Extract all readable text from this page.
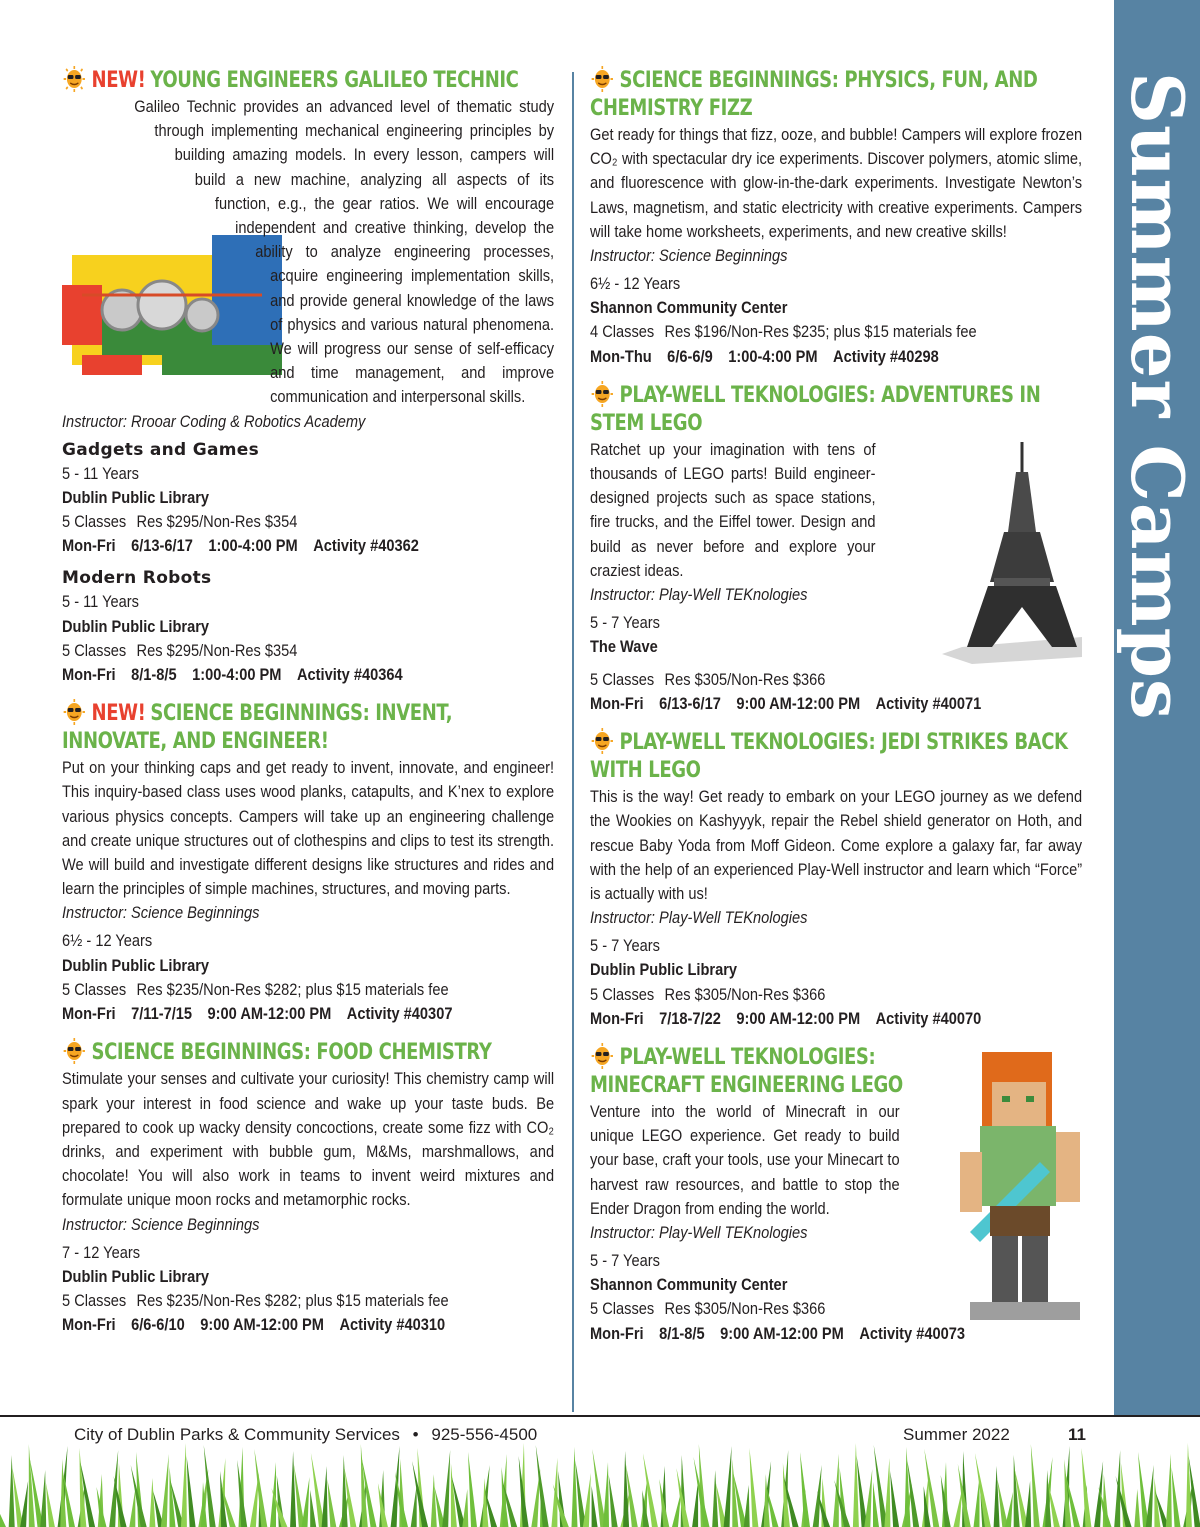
Summer Camps
NEW! YOUNG ENGINEERS GALILEO TECHNIC

Galileo Technic provides an advanced level of thematic study through implementing mechanical engineering principles by building amazing models. In every lesson, campers will build a new machine, analyzing all aspects of its function, e.g., the gear ratios. We will encourage independent and creative thinking, develop the ability to analyze engineering processes, acquire engineering implementation skills, and provide general knowledge of the laws of physics and various natural phenomena. We will progress our sense of self-efficacy and time management, and improve communication and interpersonal skills.

Instructor: Rrooar Coding & Robotics Academy
Gadgets and Games
5 - 11 Years
Dublin Public Library
5 Classes Res $295/Non-Res $354
Mon-Fri 6/13-6/17 1:00-4:00 PM Activity #40362
Modern Robots
5 - 11 Years
Dublin Public Library
5 Classes Res $295/Non-Res $354
Mon-Fri 8/1-8/5 1:00-4:00 PM Activity #40364
NEW! SCIENCE BEGINNINGS: INVENT, INNOVATE, AND ENGINEER!

Put on your thinking caps and get ready to invent, innovate, and engineer! This inquiry-based class uses wood planks, catapults, and K’nex to explore various physics concepts. Campers will take up an engineering challenge and create unique structures out of clothespins and clips to test its strength. We will build and investigate different designs like structures and rides and learn the principles of simple machines, structures, and moving parts.

Instructor: Science Beginnings
6½ - 12 Years
Dublin Public Library
5 Classes Res $235/Non-Res $282; plus $15 materials fee
Mon-Fri 7/11-7/15 9:00 AM-12:00 PM Activity #40307
SCIENCE BEGINNINGS: FOOD CHEMISTRY

Stimulate your senses and cultivate your curiosity! This chemistry camp will spark your interest in food science and wake up your taste buds. Be prepared to cook up wacky density concoctions, create some fizz with CO₂ drinks, and experiment with bubble gum, M&Ms, marshmallows, and chocolate! You will also work in teams to invent weird mixtures and formulate unique moon rocks and metamorphic rocks.

Instructor: Science Beginnings
7 - 12 Years
Dublin Public Library
5 Classes Res $235/Non-Res $282; plus $15 materials fee
Mon-Fri 6/6-6/10 9:00 AM-12:00 PM Activity #40310
SCIENCE BEGINNINGS: PHYSICS, FUN, AND CHEMISTRY FIZZ

Get ready for things that fizz, ooze, and bubble! Campers will explore frozen CO₂ with spectacular dry ice experiments. Discover polymers, atomic slime, and fluorescence with glow-in-the-dark experiments. Investigate Newton’s Laws, magnetism, and static electricity with creative experiments. Campers will take home worksheets, experiments, and new creative skills!

Instructor: Science Beginnings
6½ - 12 Years
Shannon Community Center
4 Classes Res $196/Non-Res $235; plus $15 materials fee
Mon-Thu 6/6-6/9 1:00-4:00 PM Activity #40298
PLAY-WELL TEKNOLOGIES: ADVENTURES IN STEM LEGO

Ratchet up your imagination with tens of thousands of LEGO parts! Build engineer-designed projects such as space stations, fire trucks, and the Eiffel tower. Design and build as never before and explore your craziest ideas.

Instructor: Play-Well TEKnologies
5 - 7 Years
The Wave
5 Classes Res $305/Non-Res $366
Mon-Fri 6/13-6/17 9:00 AM-12:00 PM Activity #40071
PLAY-WELL TEKNOLOGIES: JEDI STRIKES BACK WITH LEGO

This is the way! Get ready to embark on your LEGO journey as we defend the Wookies on Kashyyyk, repair the Rebel shield generator on Hoth, and rescue Baby Yoda from Moff Gideon. Come explore a galaxy far, far away with the help of an experienced Play-Well instructor and learn which “Force” is actually with us!

Instructor: Play-Well TEKnologies
5 - 7 Years
Dublin Public Library
5 Classes Res $305/Non-Res $366
Mon-Fri 7/18-7/22 9:00 AM-12:00 PM Activity #40070
PLAY-WELL TEKNOLOGIES: MINECRAFT ENGINEERING LEGO

Venture into the world of Minecraft in our unique LEGO experience. Get ready to build your base, craft your tools, use your Minecart to harvest raw resources, and battle to stop the Ender Dragon from ending the world.

Instructor: Play-Well TEKnologies
5 - 7 Years
Shannon Community Center
5 Classes Res $305/Non-Res $366
Mon-Fri 8/1-8/5 9:00 AM-12:00 PM Activity #40073
City of Dublin Parks & Community Services • 925-556-4500	Summer 2022	11
